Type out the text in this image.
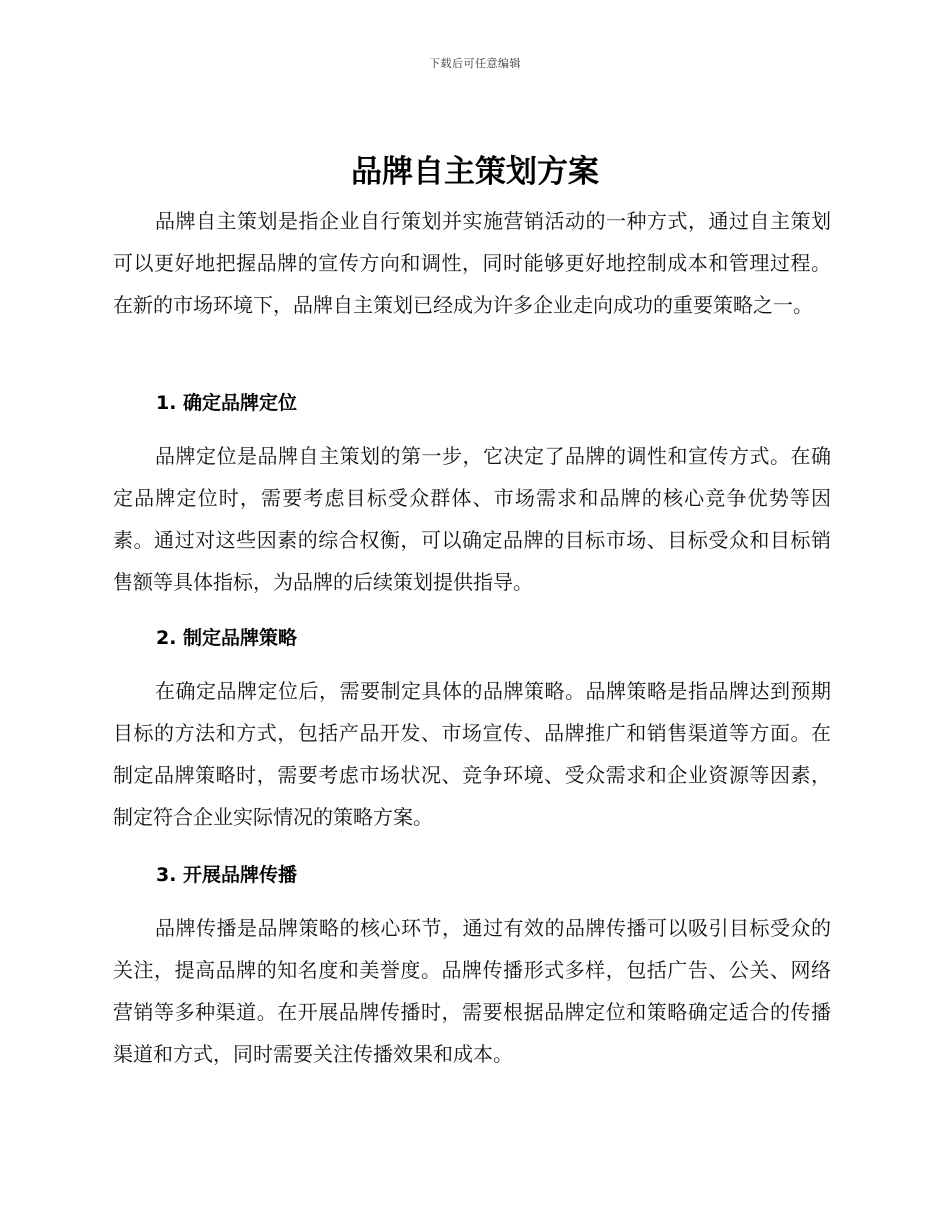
下载后可任意编辑
品牌自主策划方案

品牌自主策划是指企业自行策划并实施营销活动的一种方式，通过自主策划可以更好地把握品牌的宣传方向和调性，同时能够更好地控制成本和管理过程。在新的市场环境下，品牌自主策划已经成为许多企业走向成功的重要策略之一。

1. 确定品牌定位

品牌定位是品牌自主策划的第一步，它决定了品牌的调性和宣传方式。在确定品牌定位时，需要考虑目标受众群体、市场需求和品牌的核心竞争优势等因素。通过对这些因素的综合权衡，可以确定品牌的目标市场、目标受众和目标销售额等具体指标，为品牌的后续策划提供指导。

2. 制定品牌策略

在确定品牌定位后，需要制定具体的品牌策略。品牌策略是指品牌达到预期目标的方法和方式，包括产品开发、市场宣传、品牌推广和销售渠道等方面。在制定品牌策略时，需要考虑市场状况、竞争环境、受众需求和企业资源等因素，制定符合企业实际情况的策略方案。

3. 开展品牌传播

品牌传播是品牌策略的核心环节，通过有效的品牌传播可以吸引目标受众的关注，提高品牌的知名度和美誉度。品牌传播形式多样，包括广告、公关、网络营销等多种渠道。在开展品牌传播时，需要根据品牌定位和策略确定适合的传播渠道和方式，同时需要关注传播效果和成本。
